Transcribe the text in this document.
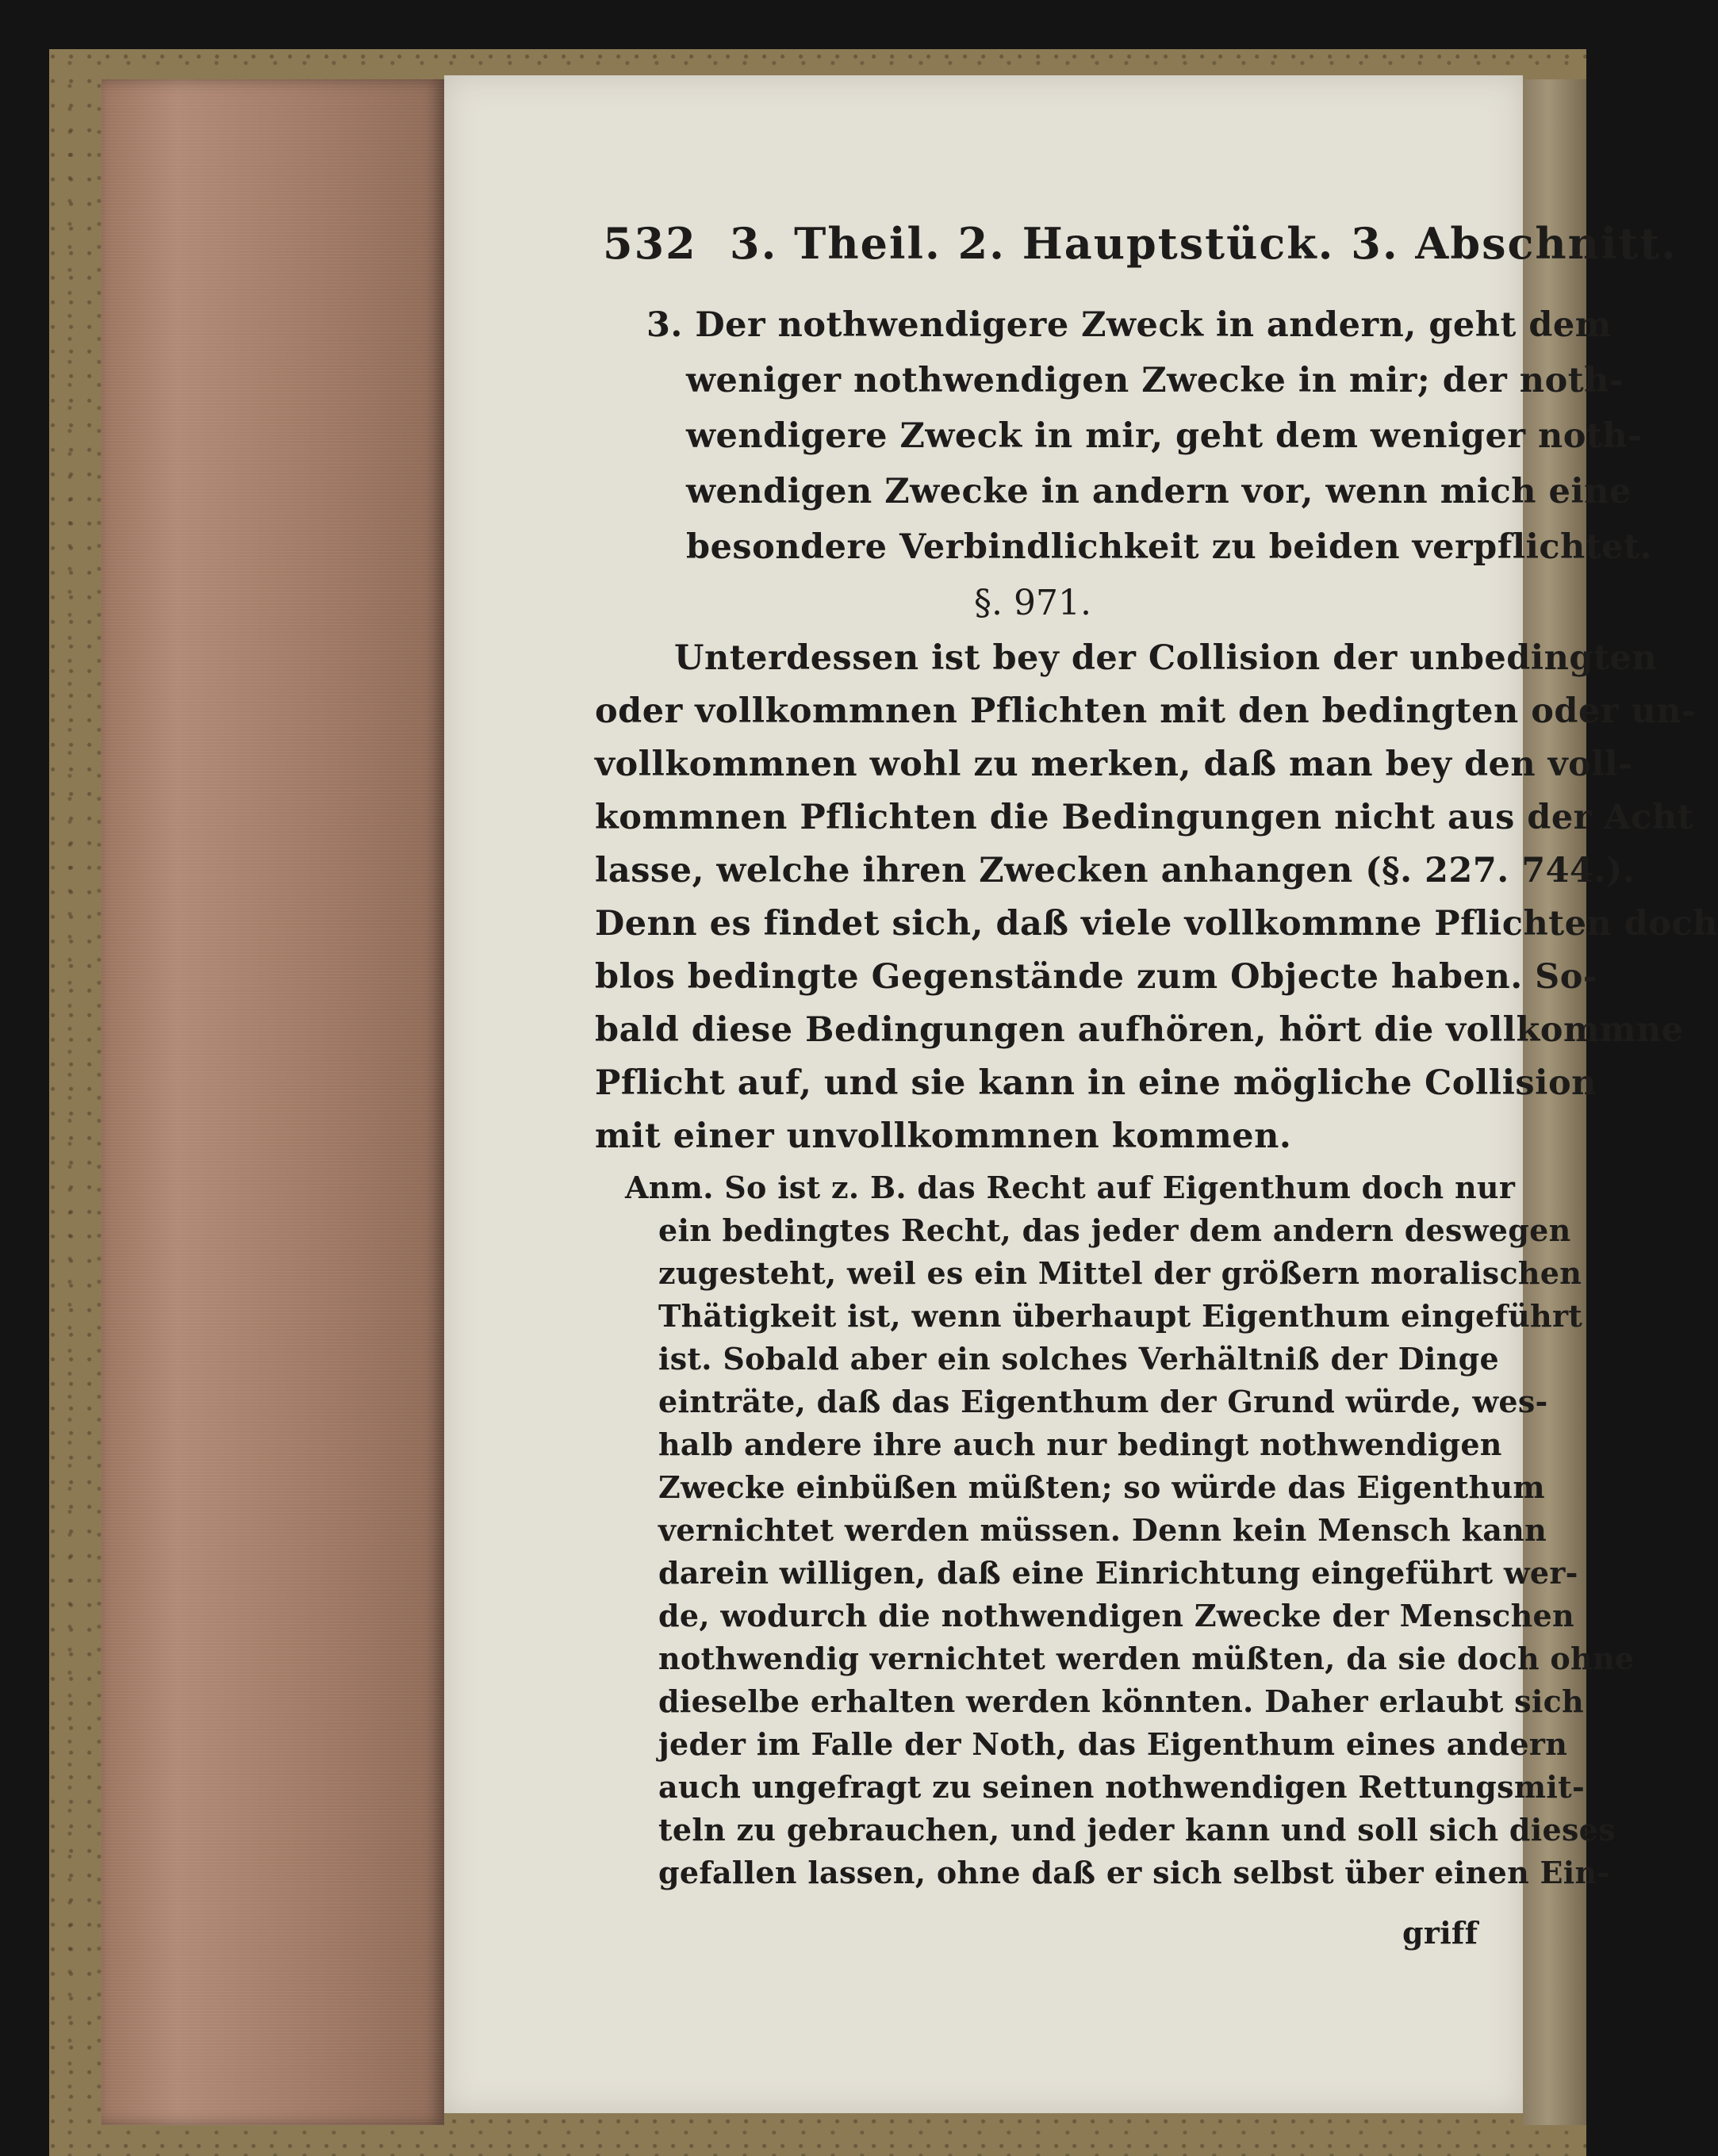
532 3. Theil. 2. Hauptstück. 3. Abschnitt.
3. Der nothwendigere Zweck in andern, geht dem
weniger nothwendigen Zwecke in mir; der noth-
wendigere Zweck in mir, geht dem weniger noth-
wendigen Zwecke in andern vor, wenn mich eine
besondere Verbindlichkeit zu beiden verpflichtet.
§. 971.
Unterdessen ist bey der Collision der unbedingten
oder vollkommnen Pflichten mit den bedingten oder un-
vollkommnen wohl zu merken, daß man bey den voll-
kommnen Pflichten die Bedingungen nicht aus der Acht
lasse, welche ihren Zwecken anhangen (§. 227. 744.).
Denn es findet sich, daß viele vollkommne Pflichten doch
blos bedingte Gegenstände zum Objecte haben. So-
bald diese Bedingungen aufhören, hört die vollkommne
Pflicht auf, und sie kann in eine mögliche Collision
mit einer unvollkommnen kommen.
Anm. So ist z. B. das Recht auf Eigenthum doch nur
ein bedingtes Recht, das jeder dem andern deswegen
zugesteht, weil es ein Mittel der größern moralischen
Thätigkeit ist, wenn überhaupt Eigenthum eingeführt
ist. Sobald aber ein solches Verhältniß der Dinge
einträte, daß das Eigenthum der Grund würde, wes-
halb andere ihre auch nur bedingt nothwendigen
Zwecke einbüßen müßten; so würde das Eigenthum
vernichtet werden müssen. Denn kein Mensch kann
darein willigen, daß eine Einrichtung eingeführt wer-
de, wodurch die nothwendigen Zwecke der Menschen
nothwendig vernichtet werden müßten, da sie doch ohne
dieselbe erhalten werden könnten. Daher erlaubt sich
jeder im Falle der Noth, das Eigenthum eines andern
auch ungefragt zu seinen nothwendigen Rettungsmit-
teln zu gebrauchen, und jeder kann und soll sich dieses
gefallen lassen, ohne daß er sich selbst über einen Ein-
griff
